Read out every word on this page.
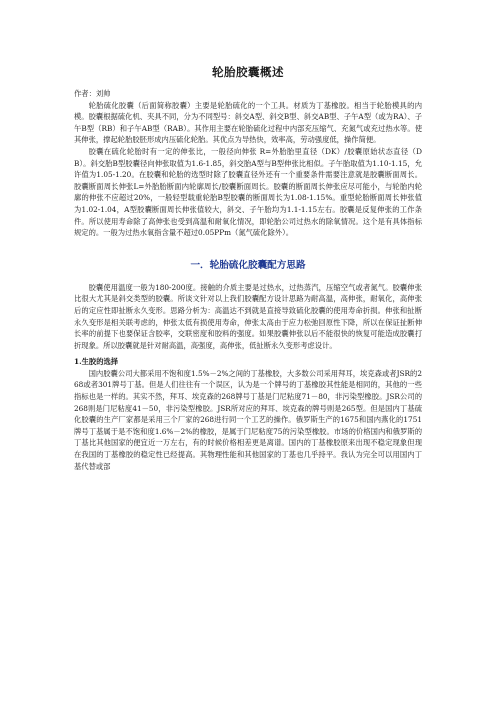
轮胎胶囊概述
作者：刘帅

轮胎硫化胶囊（后面简称胶囊）主要是轮胎硫化的一个工具。材质为丁基橡胶。相当于轮胎模具的内模。胶囊根据硫化机、夹具不同，分为不同型号：斜交A型、斜交B型、斜交AB型、子午A型（或为RA）、子午B型（RB）和子午AB型（RAB）。其作用主要在轮胎硫化过程中内部充压缩气、充氮气或充过热水等。使其伸张，撑起轮胎胶胚形成内压硫化轮胎。其优点为导热快，效率高，劳动强度低，操作简便。

胶囊在硫化轮胎时有一定的伸张比，一般径向伸张 R=外胎胎里直径（DK）/胶囊原始状态直径（DB）。斜交胎B型胶囊径向伸张取值为1.6-1.85，斜交胎A型与B型伸张比相似。子午胎取值为1.10-1.15，允许值为1.05-1.20。在胶囊和轮胎的选型时除了胶囊直径外还有一个重要条件需要注意就是胶囊断面周长。胶囊断面周长伸张L=外胎胎断面内轮廓周长/胶囊断面周长。胶囊的断面周长伸张应尽可能小，与轮胎内轮廓的伸张不应超过20%，一般轻型载重轮胎B型胶囊的断面周长为1.08-1.15%。重型轮胎断面周长伸张值为1.02-1.04，A型胶囊断面周长伸张值较大，斜交、子午胎均为1.1-1.15左右。胶囊是反复伸张的工作条件。所以使用寿命除了高伸张也受到高温和耐氧化情况，即轮胎公司过热水的除氧情况。这个是有具体指标规定的。一般为过热水氧指含量不超过0.05PPm（氮气硫化除外）。

一．轮胎硫化胶囊配方思路

胶囊使用温度一般为180-200度。接触的介质主要是过热水，过热蒸汽，压缩空气或者氮气。胶囊伸张比很大尤其是斜交类型的胶囊。所谈文针对以上我们胶囊配方设计思路为耐高温，高伸张，耐氧化，高伸张后的定应性即扯断永久变形。思路分析为：高温达不到就是直接导致硫化胶囊的使用寿命折损。伸张和扯断永久变形是相关联考虑的，伸张太低有损使用寿命，伸张太高由于应力松弛回原性下降，所以在保证扯断伸长率的前提下也要保证含胶率，交联密度和胶料的强度。如果胶囊伸张以后不能很快的恢复可能造成胶囊打折现象。所以胶囊就是针对耐高温，高强度，高伸张，低扯断永久变形考虑设计。

1.生胶的选择

国内胶囊公司大都采用不饱和度1.5%－2%之间的丁基橡胶，大多数公司采用拜耳，埃克森或者JSR的268或者301牌号丁基。但是人们往往有一个误区，认为是一个牌号的丁基橡胶其性能是相同的，其他的一些指标也是一样的。其实不然，拜耳、埃克森的268牌号丁基是门尼粘度71－80，非污染型橡胶。JSR公司的268则是门尼粘度41－50，非污染型橡胶。JSR所对应的拜耳、埃克森的牌号则是265型。但是国内丁基硫化胶囊的生产厂家都是采用三个厂家的268进行同一个工艺的操作。俄罗斯生产的1675和国内燕化的1751牌号丁基属于是不饱和度1.6%－2%的橡胶，是属于门尼粘度75的污染型橡胶。市场的价格国内和俄罗斯的丁基比其他国家的便宜近一万左右，有的时候价格相差更是离谱。国内的丁基橡胶原来出现不稳定现象但现在我国的丁基橡胶的稳定性已经提高。其物理性能和其他国家的丁基也几乎持平。我认为完全可以用国内丁基代替或部
